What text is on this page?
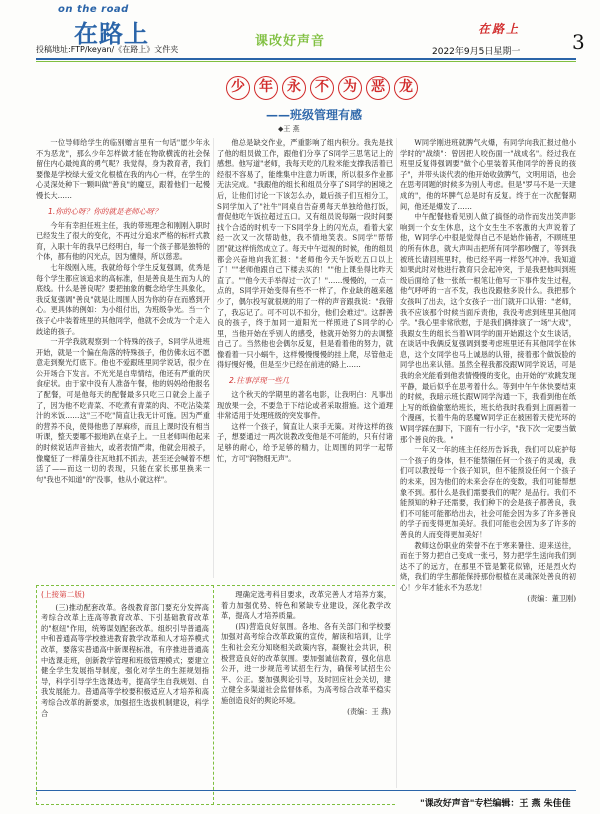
on the road
在路上
投稿地址:FTP/keyan/《在路上》文件夹
课改好声音
在路上
2022年9月5日星期一	3
少	年	永	不	为	恶	龙
——班级管理有感
◆王 燕

一位导师给学生的临别赠言里有一句话"愿少年永不为恶龙"，那么少年怎样做才能在物欲横流的社会保留住内心最纯真的勇气呢？我觉得，身为教育者，我们要像是学校绿大爱文化根植在我的内心一样，在学生的心灵深处种下一颗叫做"善良"的魔豆，跟着他们一起慢慢长大……

1.你的心呀？你的就是老师心呀？

今年有幸担任班主任，我的带班理念和刚刚入职时已经发生了很大的变化，不再过分追求严格的标杆式教育，入职十年的我早已经明白，每一个孩子都是独特的个体，都有他的闪光点，因为懂得，所以慈悲。

七年级刚入班，我就给每个学生反复强调，优秀是每个学生都应该追求的高标准，但是善良是生而为人的底线。什么是善良呢？要把抽象的概念给学生具象化，我反复强调"善良"就是让周围人因为你的存在而感到开心。更具体的例如：为小组付出，为班级争光。当一个孩子心中装着班里的其他同学，他就不会成为一个走入歧途的孩子。

一开学我就观察到一个特殊的孩子，S同学从进班开始，就是一个偏在角落的特殊孩子，他仿佛永远不愿意走到聚光灯底下。他也不爱跟班里同学说话，很少在公开场合下发言。不光光是自卑情结，他还有严重的厌食症状。由于家中没有人准备午餐，他的妈妈给他报名了配餐，可是他每天的配餐最多只吃三口就会上盖子了，因为他不吃青菜、不吃煮有青菜的肉、不吃沾染菜汁的米饭……这"三不吃"简直让我无计可施。因为严重的营养不良，使得他患了厚麻疹，而且上课时没有相当听课，整天要哪不振地趴在桌子上。一旦老师叫他起来的时候说话声音抽大，或者表情严肃，他就会用被子，像魔怔了一样蒲身往瓦地抓不抓去，甚至还会喊着不想活了——而这一切的表现，只能在家长那里换来一句"我也不知道"的"没事，他从小就这样"。

他总是缺交作业，严重影响了组内积分。我先是找了他的组员做工作，跟他们分享了S同学三思笔记上的感想。他写道"老师，我每天吃的几粒米能支撑我活着已经很不容易了，能维集中注意力听课，所以很多作业都无法完成。"我跟他的组长和组员分享了S同学的困境之后，让他们讨论一下该怎么办，最后孩子们互相分工，S同学加入了"社牛"同桌自告奋勇每天单独给他打饭，督促他吃午饭拉超过五口。又有组员说每隔一段时间要找个合适的时机专一下S同学身上的闪光点，看着大家经一次又一次帮助他，我不情地笑表。S同学"帮帮团"就这样悄然成立了。每天中午逗视的时候，他的组员都会兴奋地向我汇报："老师他今天午饭吃五口以上了！""老师他跟自己下楼去买的！""他上课坐得比昨天直了。""他今天手举得过一次了！"……慢慢的，一点一点的，S同学开始变得有些不一样了，作业缺的越来越少了，偶尔投写就很规的用了一样的声音跟我说："我错了，我忘记了。可不可以不扣分，他们会难过"。这群善良的孩子，终于加同一道阳光一样照进了S同学的心里，当他开始在乎别人的感受，他就开始努力的去调整自己了。当然他也会偶尔反复，但是看着他的努力，就像看着一只小蜗牛，这样慢慢慢慢的挂上爬，尽管他走得好慢好慢，但是至少已经在前进的路上……

2.往事浮现一些几

这个秋天的学期里的著名电影，让我明白：凡事出现放果一会，不要急于下结论或者采取措施。这个道理非常适用于处理班级的突发事件。

这样一个孩子，简直让人束手无策。对待这样的孩子，想要通过一两次说教改变他是不可能的，只有付诸足够的耐心，给予足够的精力，让周围的同学一起帮忙，方可"润物细无声"。

W同学刚进班就脾气火爆，有同学向我汇报过他小学时的"战绩"：曾因把人咬伤面一"战成名"。经过我在班里反复得强调要"做个心里装着其他同学的善良的孩子"，并带头谈代表的他开始收敛脾气，文明用语，也会在思考同题的时候多为别人考虑。但是"罗马不是一天建成的"，他的坏脾气总是时有反复。终于在一次配餐期间，他还是爆发了……

中午配餐他看见别人做了搞怪的动作而发出笑声影响到一个女生休息，这个女生生不客激的大声说着了他，W同学心中很是觉得自己不是始作俑者，不顾班里的所有休息，就大声叫击把所有同学都吵醒了，等到我被班长请回班里时，他已经平再一样怒气冲冲。我知道如果此时对他进行教育只会起冲突，于是我把他叫到班级后面给了他一张纸一根笔让他写一下事件发生过程，他气呼呼的一言不发，我也没跟他多说什么。我把那个女孩叫了出去，这个女孩子一出门就开口认错："老师，我不应该那个时候当面斥责他，我没考虑到班里其他同学。"我心里非常欣慰，于是我们俩排演了一场"大戏"，我跟女生的组长当着W同学的面开始跟这个女生谈话，在谈话中我俩反复强调到要考虑班里还有其他同学在休息，这个女同学也马上诚恳的认错，接着那个做饭脸的同学也出来认错。虽然全程我都没跟W同学说话，可是我的余光能看到他表情慢慢的变化，由开始的"欢跳发现平静，最后似乎在思考着什么。等到中午午休快要结束的时候，我暗示班长跟W同学沟通一下，我看到他在纸上写的纸偷偷塞给班长，班长给我时我看到上面画着一个漫画，长着牛角的恶魔W同学正在被困着天使光环的W同学踩在脚下，下面有一行小字，"我下次一定要当做那个善良的我。"

一年又一年的班主任经历告诉我，我们可以庇护每一个孩子的身体，但不能禁锢任何一个孩子的灵魂，我们可以教授每一个孩子知识，但不能预设任何一个孩子的未来，因为他们的未来会存在的变数，我们可能帮想象不到。那什么是我们需要我们的呢？是品行。我们不能预知的种子还需要，我们种下的会是孩子都善良，我们不可能可能都给出去，社会可能会因为多了许多善良的学子而变得更加美好。我们可能也会因为多了许多的善良的人而变得更加美好！

教师这份职业的荣誉不在于寒来暑往、迎来送往，而在于努力把自己变成一张弓，努力把学生送向我们到达不了的远方，在那里不管是繁花似锦，还是烈火灼烧，我们的学生都能保持那份根植在灵魂深处善良的初心！少年才能永不为恶龙！

(责编：董卫刚)

(上接第二版)

(三)推动配套改革。各级教育部门要充分发挥高考综合改革上连高等教育改革、下引基础教育改革的"枢纽"作用，统筹谋划配套改革。组织引导普通高中和普通高等学校推进教育教学改革和人才培养模式改革，要落实普通高中新课程标准，有序推进普通高中选课走班，创新教学管理和班级管理模式；要建立健全学生发展指导制度，强化对学生的生涯规划指导，科学引导学生选课选考，提高学生自我规划、自我发展能力。普通高等学校要积极适应人才培养和高考综合改革的新要求，加强招生选拔机制建设，科学合

理确定选考科目要求，改革完善人才培养方案，着力加强优势、特色和紧缺专业建设，深化教学改革，提高人才培养质量。

(四)营造良好氛围。各地、各有关部门和学校要加强对高考综合改革政策的宣传，解读和培训，让学生和社会充分知晓相关政策内容，凝聚社会共识，积极营造良好的改革氛围。要加强诚信教育，强化信息公开，进一步规范考试招生行为，确保考试招生公平、公正。要加强舆论引导，及时回应社会关切，建立健全多渠道社会监督体系，为高考综合改革平稳实施创造良好的舆论环境。

(责编：王 燕)

"课改好声音"专栏编辑：王 燕 朱佳佳
